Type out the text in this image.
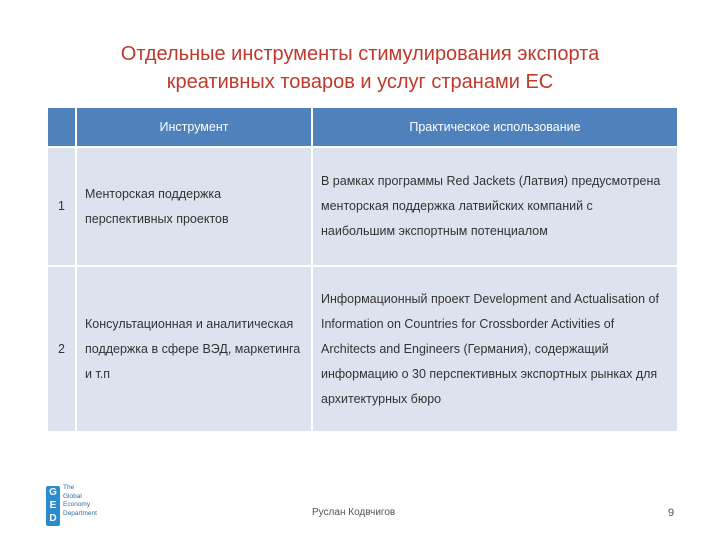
Отдельные инструменты стимулирования экспорта
креативных товаров и услуг странами ЕС
	Инструмент	Практическое использование
1	Менторская поддержка перспективных проектов	В рамках программы Red Jackets (Латвия) предусмотрена менторская поддержка латвийских компаний с наибольшим экспортным потенциалом
2	Консультационная и аналитическая поддержка в сфере ВЭД, маркетинга и т.п	Информационный проект Development and Actualisation of Information on Countries for Crossborder Activities of Architects and Engineers (Германия), содержащий информацию о 30 перспективных экспортных рынках для архитектурных бюро
G
E
D
The
Global
Economy
Department	Руслан Кодвчигов	9
